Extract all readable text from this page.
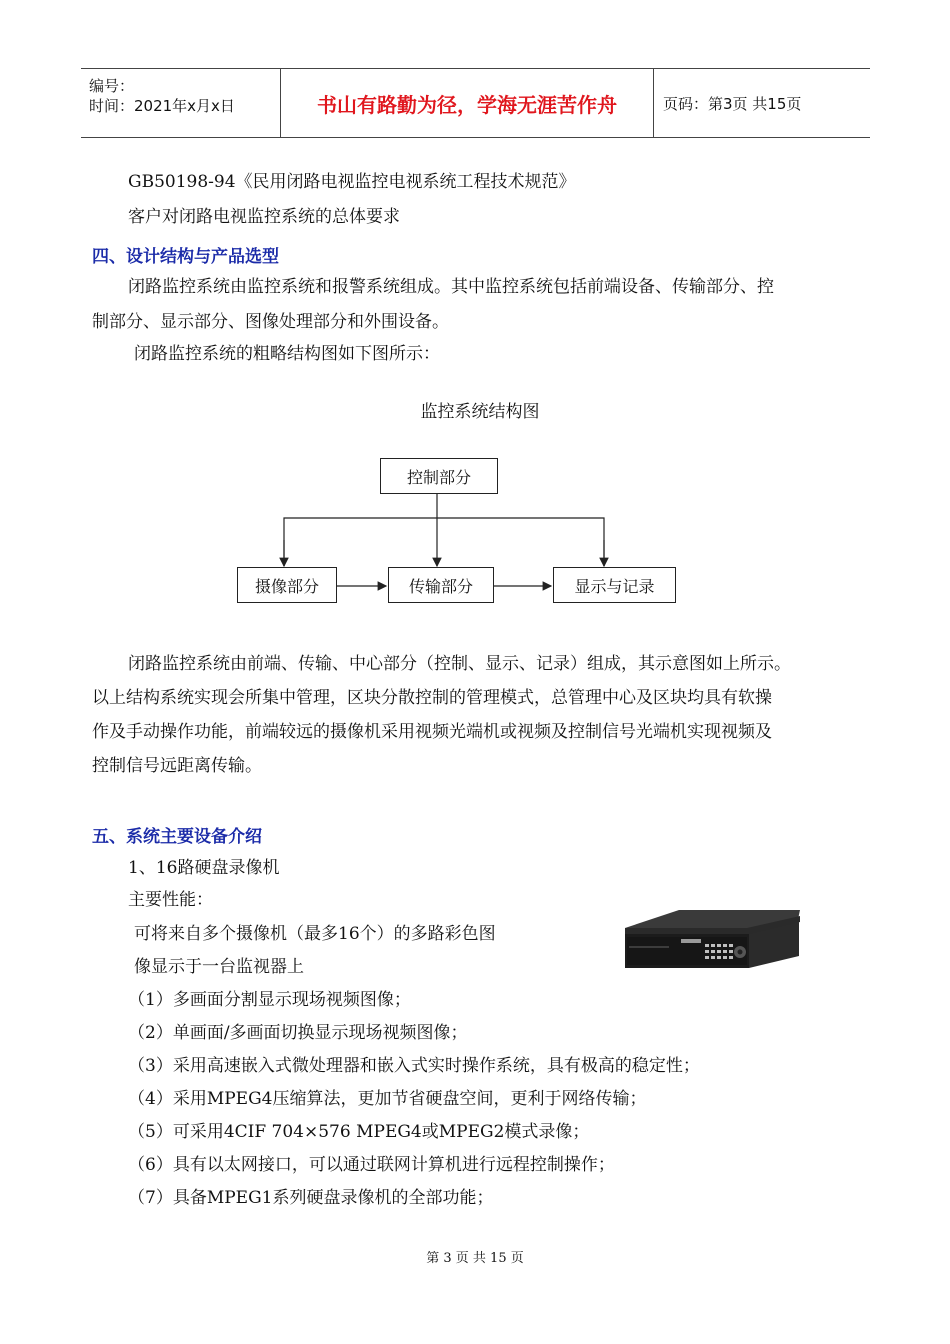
编号：
时间：2021年x月x日	书山有路勤为径，学海无涯苦作舟	页码：第3页 共15页
GB50198-94《民用闭路电视监控电视系统工程技术规范》
客户对闭路电视监控系统的总体要求
四、设计结构与产品选型
闭路监控系统由监控系统和报警系统组成。其中监控系统包括前端设备、传输部分、控
制部分、显示部分、图像处理部分和外围设备。
闭路监控系统的粗略结构图如下图所示：
监控系统结构图
控制部分
摄像部分	传输部分	显示与记录
闭路监控系统由前端、传输、中心部分（控制、显示、记录）组成，其示意图如上所示。
以上结构系统实现会所集中管理，区块分散控制的管理模式，总管理中心及区块均具有软操
作及手动操作功能，前端较远的摄像机采用视频光端机或视频及控制信号光端机实现视频及
控制信号远距离传输。
五、系统主要设备介绍
1、16路硬盘录像机
主要性能：
可将来自多个摄像机（最多16个）的多路彩色图
像显示于一台监视器上
（1）多画面分割显示现场视频图像；
（2）单画面/多画面切换显示现场视频图像；
（3）采用高速嵌入式微处理器和嵌入式实时操作系统，具有极高的稳定性；
（4）采用MPEG4压缩算法，更加节省硬盘空间，更利于网络传输；
（5）可采用4CIF 704×576 MPEG4或MPEG2模式录像；
（6）具有以太网接口，可以通过联网计算机进行远程控制操作；
（7）具备MPEG1系列硬盘录像机的全部功能；
第 3 页 共 15 页
